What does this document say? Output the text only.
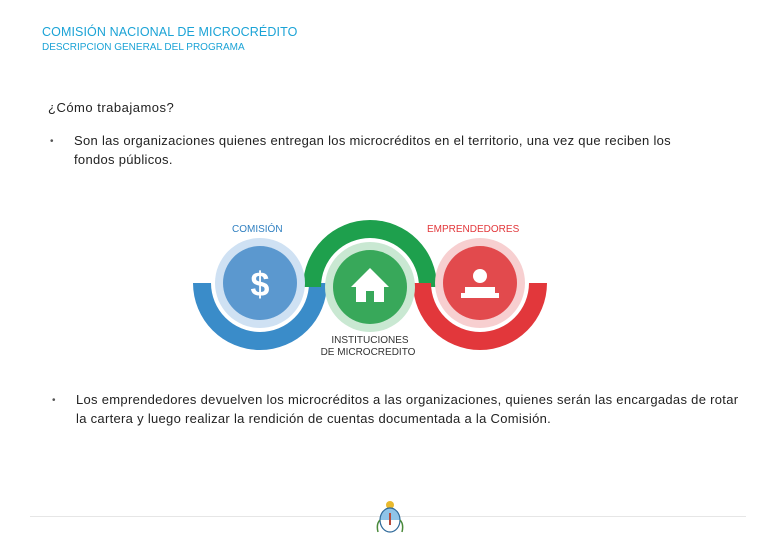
COMISIÓN NACIONAL DE MICROCRÉDITO
DESCRIPCION GENERAL DEL PROGRAMA
¿Cómo trabajamos?
•	Son las organizaciones quienes entregan los microcréditos en el territorio, una vez que reciben los fondos públicos.
$
COMISIÓN	EMPRENDEDORES
INSTITUCIONES
DE MICROCREDITO
•	Los emprendedores devuelven los microcréditos a las organizaciones, quienes serán las encargadas de rotar la cartera y luego realizar la rendición de cuentas documentada a la Comisión.
